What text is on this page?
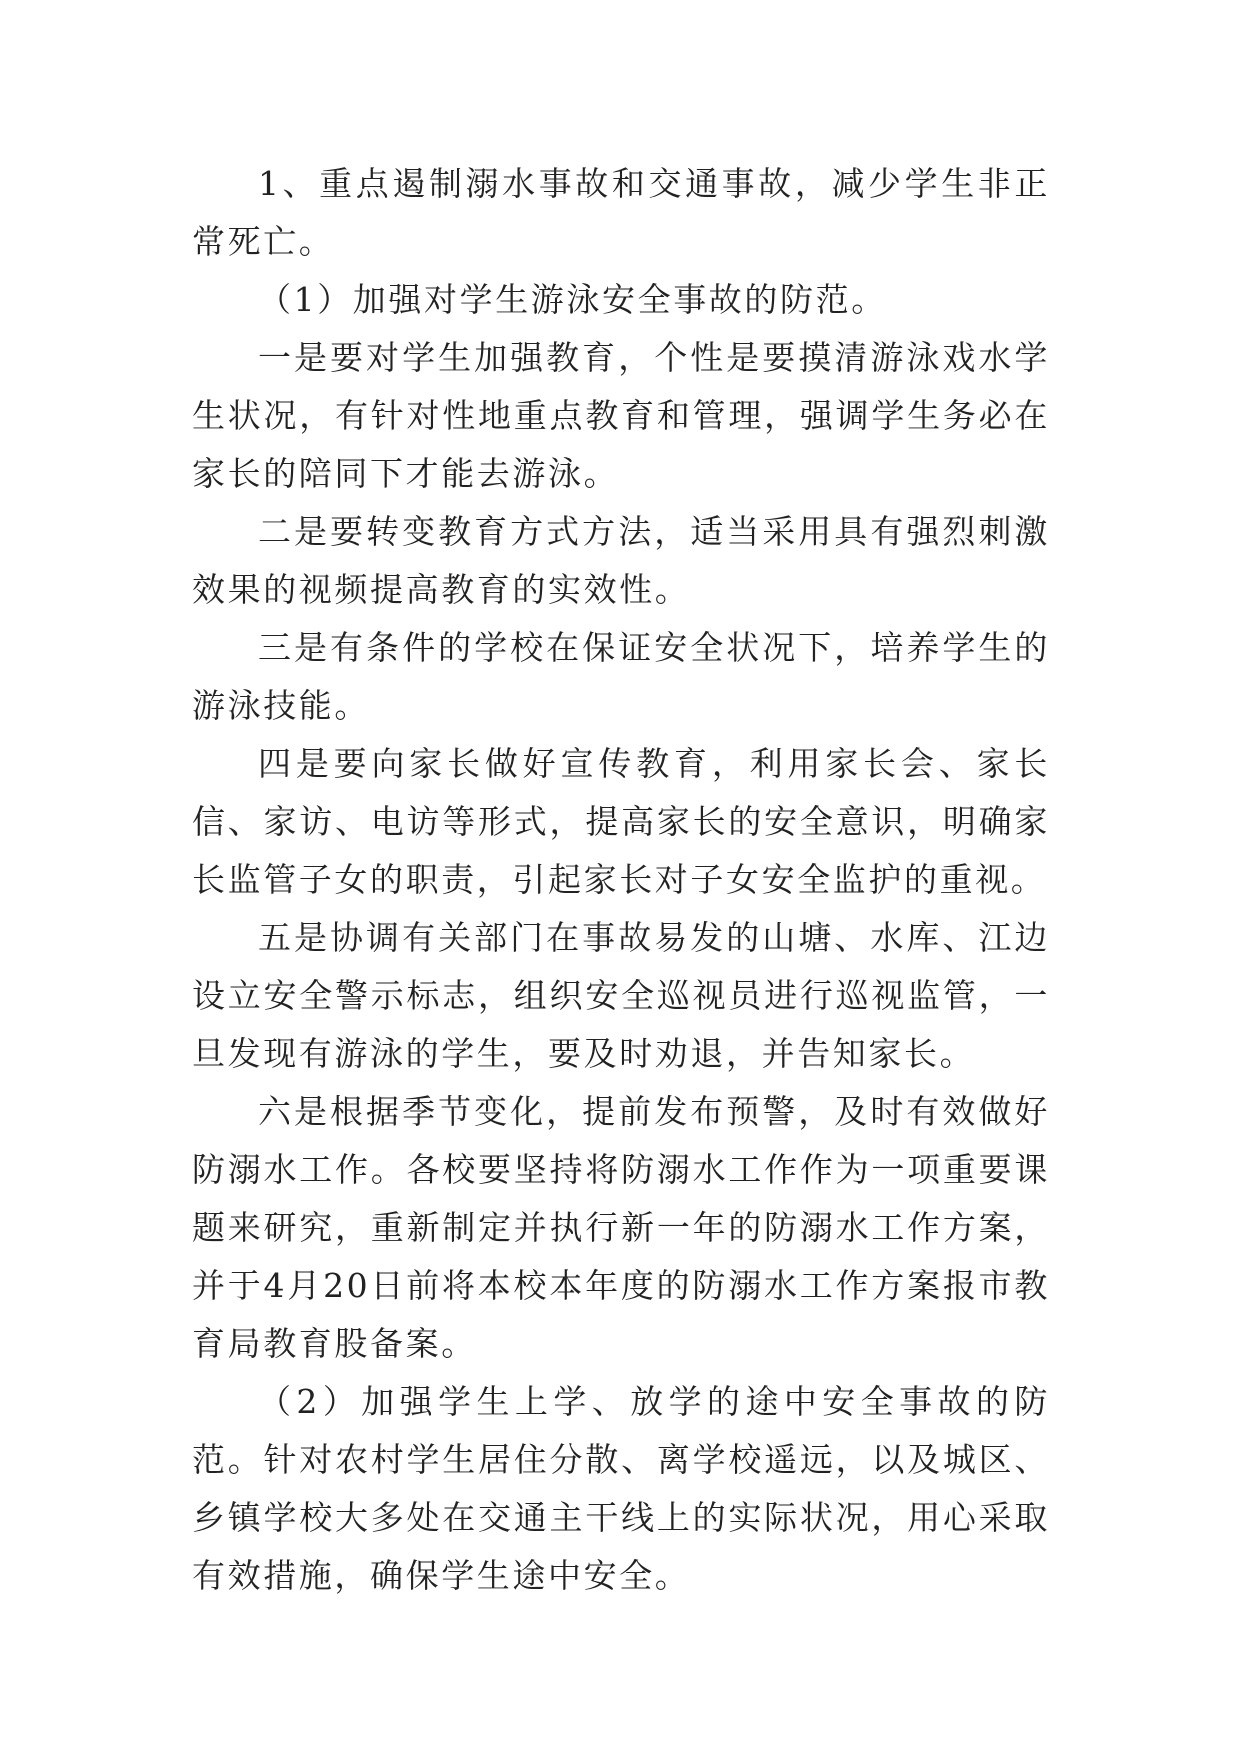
1、重点遏制溺水事故和交通事故，减少学生非正常死亡。

（1）加强对学生游泳安全事故的防范。

一是要对学生加强教育，个性是要摸清游泳戏水学生状况，有针对性地重点教育和管理，强调学生务必在家长的陪同下才能去游泳。

二是要转变教育方式方法，适当采用具有强烈刺激效果的视频提高教育的实效性。

三是有条件的学校在保证安全状况下，培养学生的游泳技能。

四是要向家长做好宣传教育，利用家长会、家长信、家访、电访等形式，提高家长的安全意识，明确家长监管子女的职责，引起家长对子女安全监护的重视。

五是协调有关部门在事故易发的山塘、水库、江边设立安全警示标志，组织安全巡视员进行巡视监管，一旦发现有游泳的学生，要及时劝退，并告知家长。

六是根据季节变化，提前发布预警，及时有效做好防溺水工作。各校要坚持将防溺水工作作为一项重要课题来研究，重新制定并执行新一年的防溺水工作方案，并于4月20日前将本校本年度的防溺水工作方案报市教育局教育股备案。

（2）加强学生上学、放学的途中安全事故的防范。针对农村学生居住分散、离学校遥远，以及城区、乡镇学校大多处在交通主干线上的实际状况，用心采取有效措施，确保学生途中安全。
